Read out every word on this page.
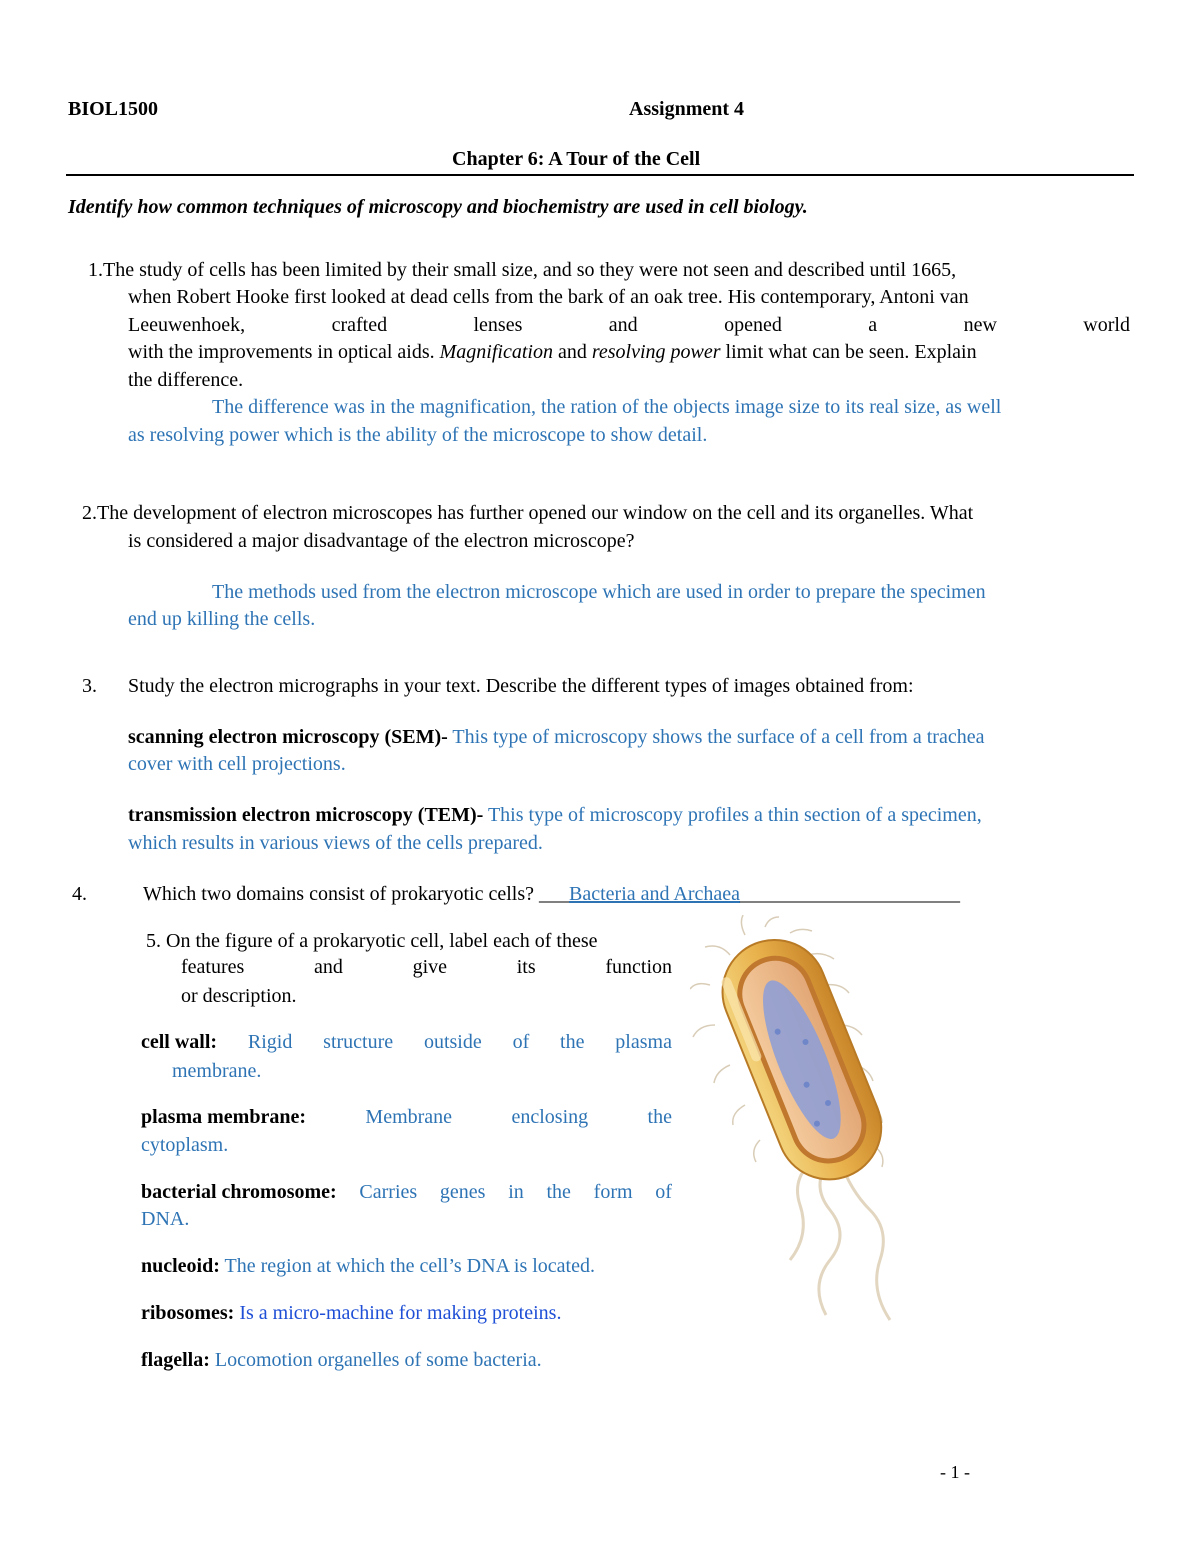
BIOL1500	Assignment 4
Chapter 6: A Tour of the Cell
Identify how common techniques of microscopy and biochemistry are used in cell biology.
1.The study of cells has been limited by their small size, and so they were not seen and described until 1665,
when Robert Hooke first looked at dead cells from the bark of an oak tree. His contemporary, Antoni van
Leeuwenhoek,	crafted	lenses	and	opened	a	new	world
with the improvements in optical aids. Magnification and resolving power limit what can be seen. Explain
the difference.
The difference was in the magnification, the ration of the objects image size to its real size, as well
as resolving power which is the ability of the microscope to show detail.
2.The development of electron microscopes has further opened our window on the cell and its organelles. What
is considered a major disadvantage of the electron microscope?
The methods used from the electron microscope which are used in order to prepare the specimen
end up killing the cells.
3. Study the electron micrographs in your text. Describe the different types of images obtained from:
scanning electron microscopy (SEM)- This type of microscopy shows the surface of a cell from a trachea
cover with cell projections.
transmission electron microscopy (TEM)- This type of microscopy profiles a thin section of a specimen,
which results in various views of the cells prepared.
4.	Which two domains consist of prokaryotic cells? ___Bacteria and Archaea______________________
5. On the figure of a prokaryotic cell, label each of these
features	and	give	its	function
or description.
cell wall: Rigid structure outside of the plasma
membrane.
plasma membrane:	Membrane	enclosing	the
cytoplasm.
bacterial chromosome: Carries genes in the form of
DNA.
nucleoid: The region at which the cell’s DNA is located.
ribosomes: Is a micro-machine for making proteins.
flagella: Locomotion organelles of some bacteria.
- 1 -
